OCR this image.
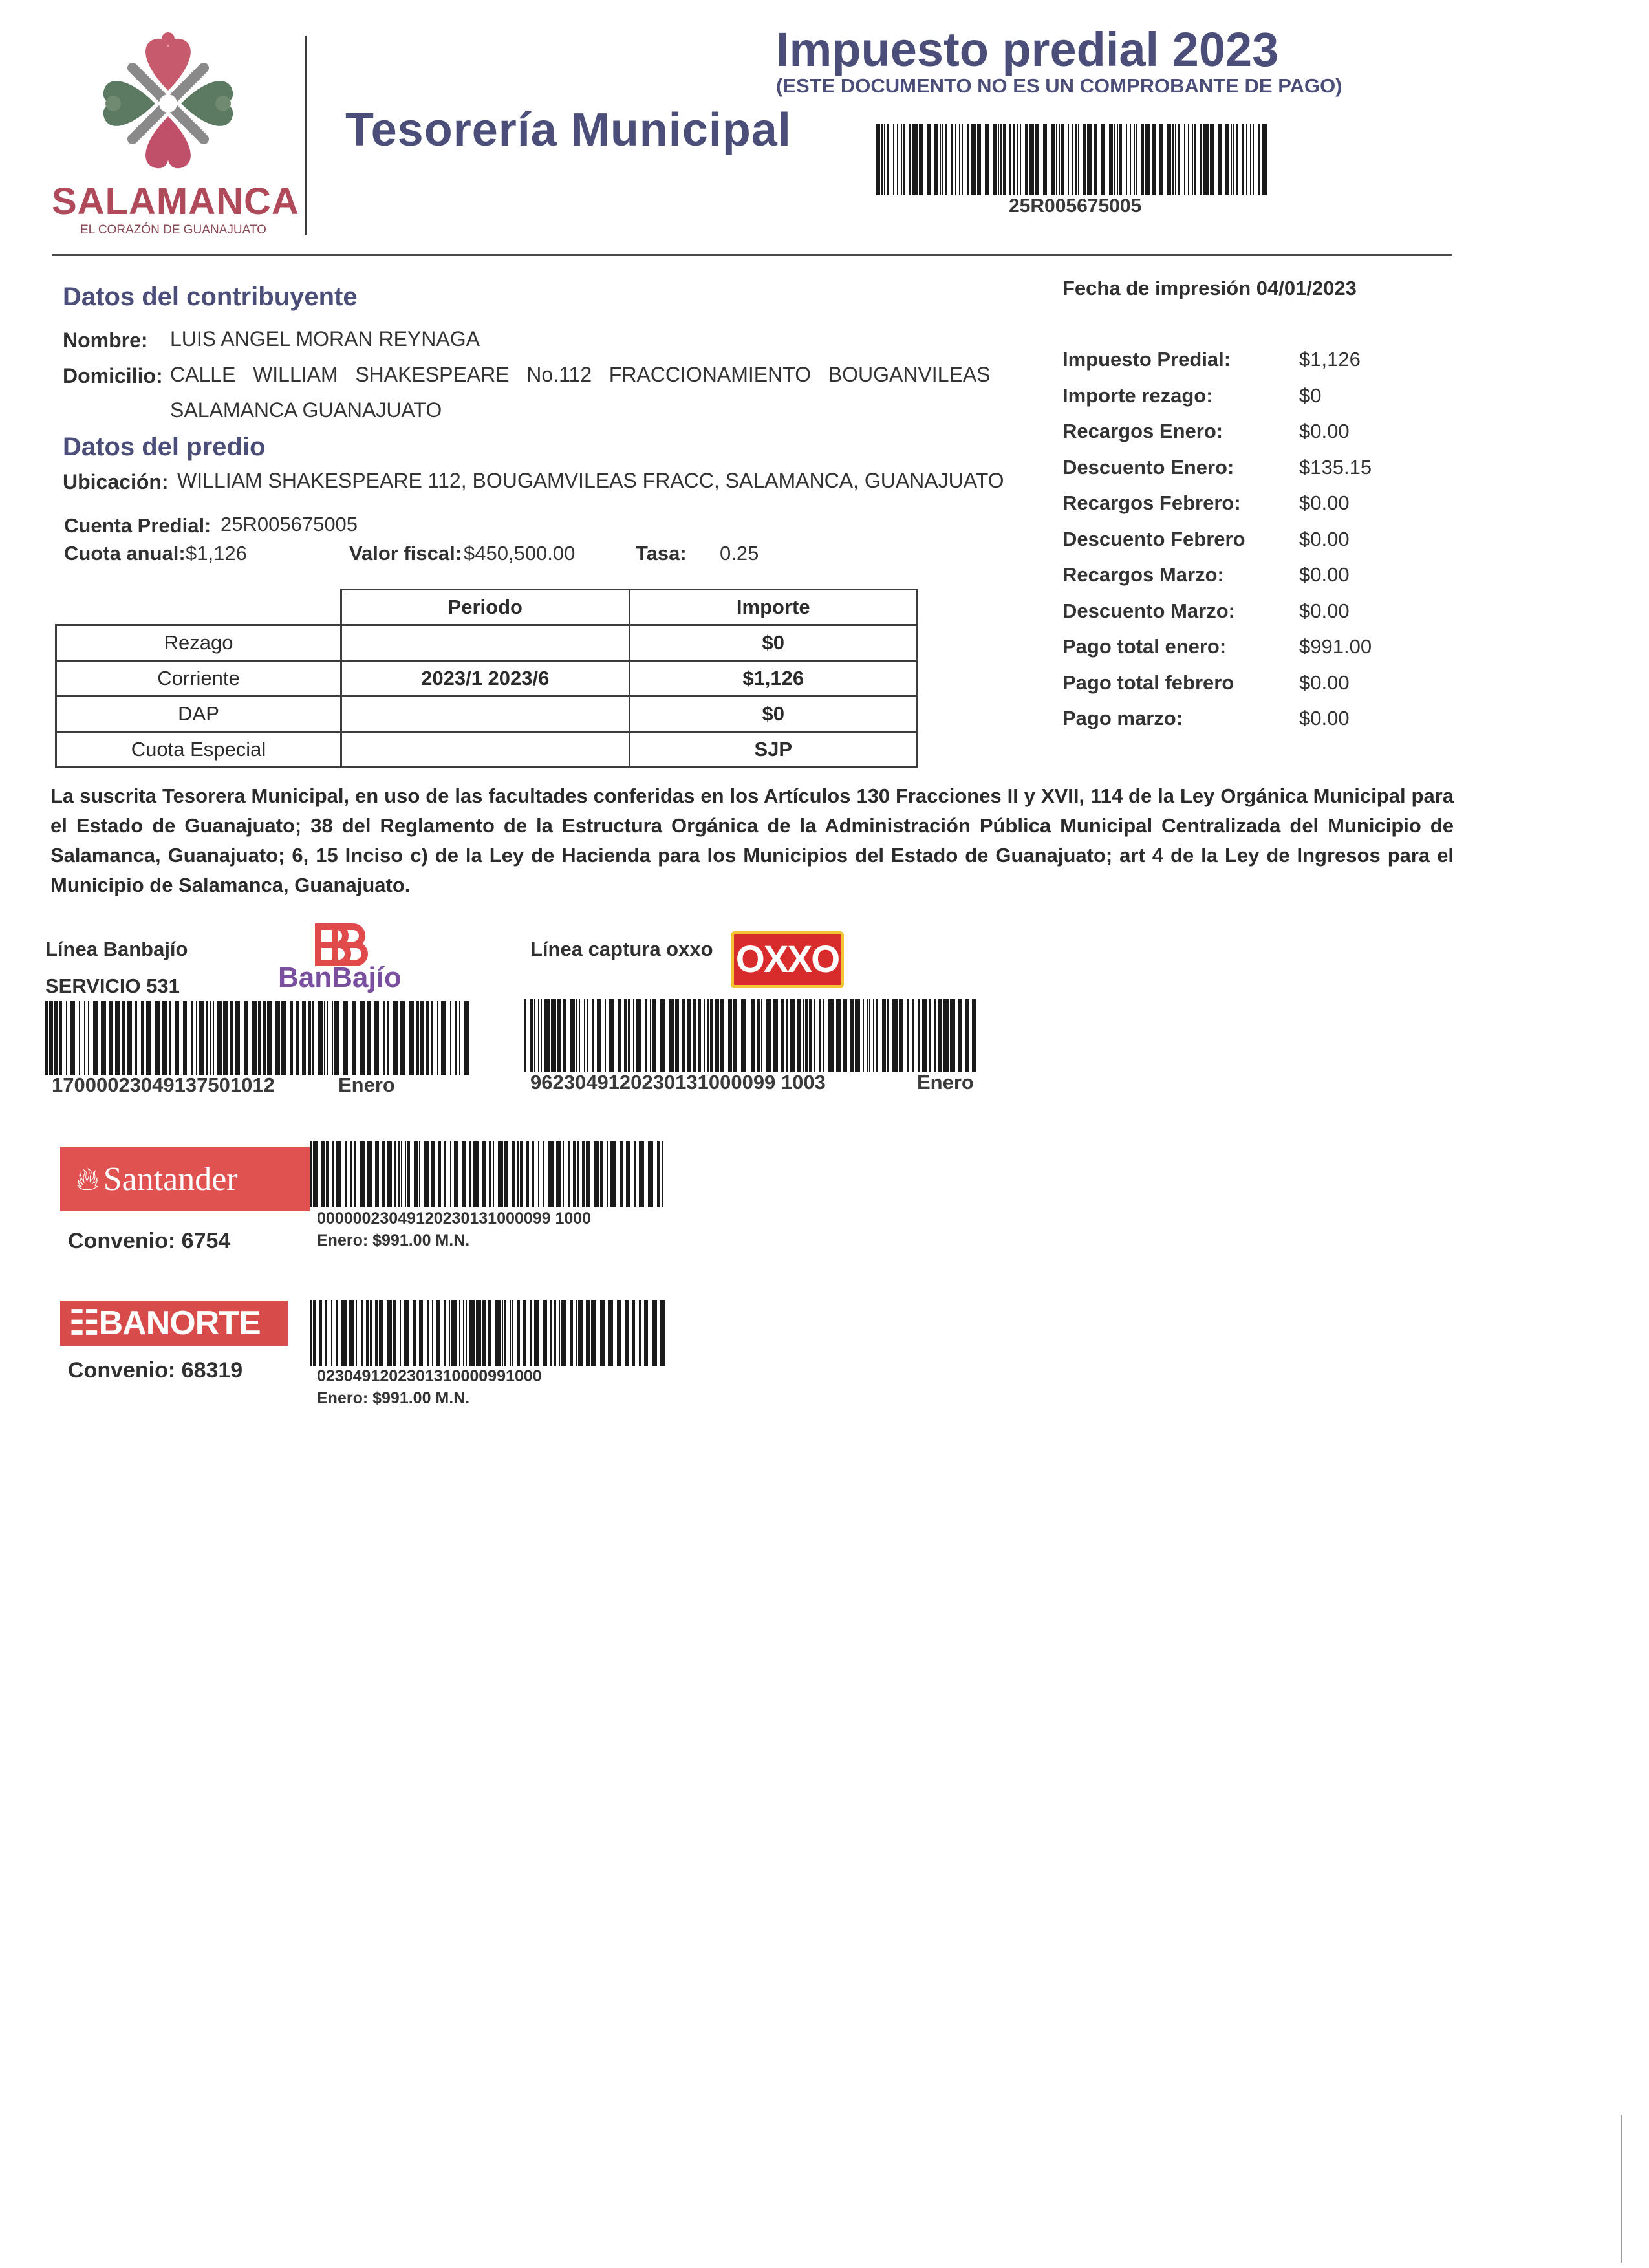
SALAMANCA
EL CORAZÓN DE GUANAJUATO
Tesorería Municipal
Impuesto predial 2023
(ESTE DOCUMENTO NO ES UN COMPROBANTE DE PAGO)
25R005675005
Datos del contribuyente
Nombre: LUIS ANGEL MORAN REYNAGA
Domicilio: CALLE   WILLIAM   SHAKESPEARE   No.112   FRACCIONAMIENTO   BOUGANVILEAS
SALAMANCA GUANAJUATO
Datos del predio
Ubicación: WILLIAM SHAKESPEARE 112, BOUGAMVILEAS FRACC, SALAMANCA, GUANAJUATO
Cuenta Predial: 25R005675005
Cuota anual: $1,126	Valor fiscal: $450,500.00	Tasa: 0.25
	Periodo	Importe
Rezago		$0
Corriente	2023/1 2023/6	$1,126
DAP		$0
Cuota Especial		SJP
Fecha de impresión 04/01/2023
Impuesto Predial:	$1,126
Importe rezago:	$0
Recargos Enero:	$0.00
Descuento Enero:	$135.15
Recargos Febrero:	$0.00
Descuento Febrero	$0.00
Recargos Marzo:	$0.00
Descuento Marzo:	$0.00
Pago total enero:	$991.00
Pago total febrero	$0.00
Pago marzo:	$0.00
La suscrita Tesorera Municipal, en uso de las facultades conferidas en los Artículos 130 Fracciones II y XVII, 114 de la Ley Orgánica Municipal para el Estado de Guanajuato; 38 del Reglamento de la Estructura Orgánica de la Administración Pública Municipal Centralizada del Municipio de Salamanca, Guanajuato; 6, 15 Inciso c) de la Ley de Hacienda para los Municipios del Estado de Guanajuato; art 4 de la Ley de Ingresos para el Municipio de Salamanca, Guanajuato.
Línea Banbajío
SERVICIO 531	BanBajío
17000023049137501012	Enero
Línea captura oxxo OXXO
9623049120230131000099 1003	Enero
🔥︎ Santander
Convenio: 6754
00000023049120230131000099 1000
Enero: $991.00 M.N.
☷BANORTE
Convenio: 68319	0230491202301310000991000
Enero: $991.00 M.N.
